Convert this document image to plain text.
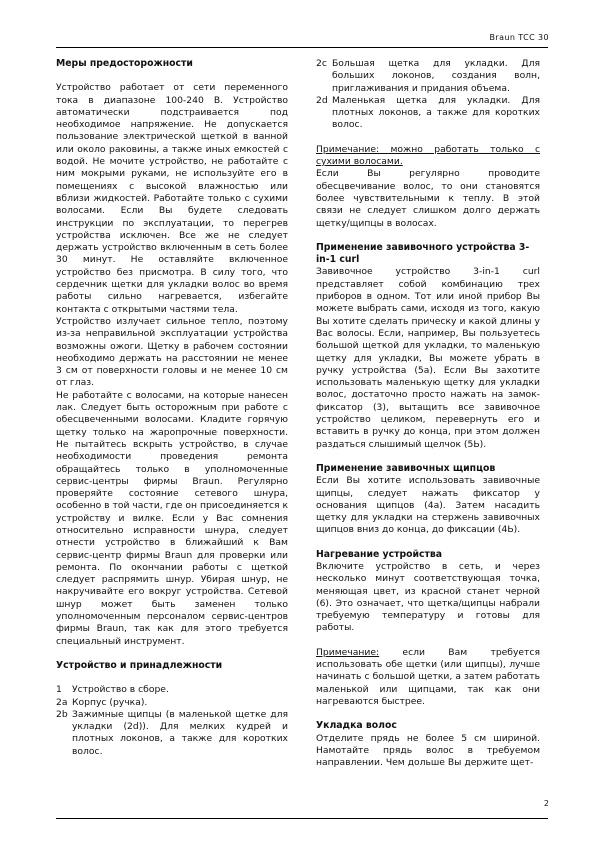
Braun TCC 30
Меры предосторожности

Устройство работает от сети переменного тока в диапазоне 100-240 В. Устройство автоматически подстраивается под необходимое напряжение. Не допускается пользование электрической щеткой в ванной или около раковины, а также иных емкостей с водой. Не мочите устройство, не работайте с ним мокрыми руками, не используйте его в помещениях с высокой влажностью или вблизи жидкостей. Работайте только с сухими волосами. Если Вы будете следовать инструкции по эксплуатации, то перегрев устройства исключен. Все же не следует держать устройство включенным в сеть более 30 минут. Не оставляйте включенное устройство без присмотра. В силу того, что сердечник щетки для укладки волос во время работы сильно нагревается, избегайте контакта с открытыми частями тела.

Устройство излучает сильное тепло, поэтому из-за неправильной эксплуатации устройства возможны ожоги. Щетку в рабочем состоянии необходимо держать на расстоянии не менее 3 см от поверхности головы и не менее 10 см от глаз.

Не работайте с волосами, на которые нанесен лак. Следует быть осторожным при работе с обесцвеченными волосами. Кладите горячую щетку только на жаропрочные поверхности. Не пытайтесь вскрыть устройство, в случае необходимости проведения ремонта обращайтесь только в уполномоченные сервис-центры фирмы Braun. Регулярно проверяйте состояние сетевого шнура, особенно в той части, где он присоединяется к устройству и вилке. Если у Вас сомнения относительно исправности шнура, следует отнести устройство в ближайший к Вам сервис-центр фирмы Braun для проверки или ремонта. По окончании работы с щеткой следует распрямить шнур. Убирая шнур, не накручивайте его вокруг устройства. Сетевой шнур может быть заменен только уполномоченным персоналом сервис-центров фирмы Braun, так как для этого требуется специальный инструмент.

Устройство и принадлежности
1	Устройство в сборе.
2a Корпус (ручка).
2b Зажимные щипцы (в маленькой щетке для укладки (2d)). Для мелких кудрей и плотных локонов, а также для коротких волос.
2c Большая щетка для укладки. Для больших локонов, создания волн, приглаживания и придания объема.
2d Маленькая щетка для укладки. Для плотных локонов, а также для коротких волос.

Примечание: можно работать только с сухими волосами.

Если Вы регулярно проводите обесцвечивание волос, то они становятся более чувствительными к теплу. В этой связи не следует слишком долго держать щетку/щипцы в волосах.

Применение завивочного устройства 3-in-1 curl

Завивочное устройство 3-in-1 curl представляет собой комбинацию трех приборов в одном. Тот или иной прибор Вы можете выбрать сами, исходя из того, какую Вы хотите сделать прическу и какой длины у Вас волосы. Если, например, Вы пользуетесь большой щеткой для укладки, то маленькую щетку для укладки, Вы можете убрать в ручку устройства (5а). Если Вы захотите использовать маленькую щетку для укладки волос, достаточно просто нажать на замок-фиксатор (3), вытащить все завивочное устройство целиком, перевернуть его и вставить в ручку до конца, при этом должен раздаться слышимый щелчок (5Ь).

Применение завивочных щипцов

Если Вы хотите использовать завивочные щипцы, следует нажать фиксатор у основания щипцов (4а). Затем насадить щетку для укладки на стержень завивочных щипцов вниз до конца, до фиксации (4Ь).

Нагревание устройства

Включите устройство в сеть, и через несколько минут соответствующая точка, меняющая цвет, из красной станет черной (6). Это означает, что щетка/щипцы набрали требуемую температуру и готовы для работы.

Примечание: если Вам требуется использовать обе щетки (или щипцы), лучше начинать с большой щетки, а затем работать маленькой или щипцами, так как они нагреваются быстрее.

Укладка волос

Отделите прядь не более 5 см шириной. Намотайте прядь волос в требуемом направлении. Чем дольше Вы держите щет-

2
